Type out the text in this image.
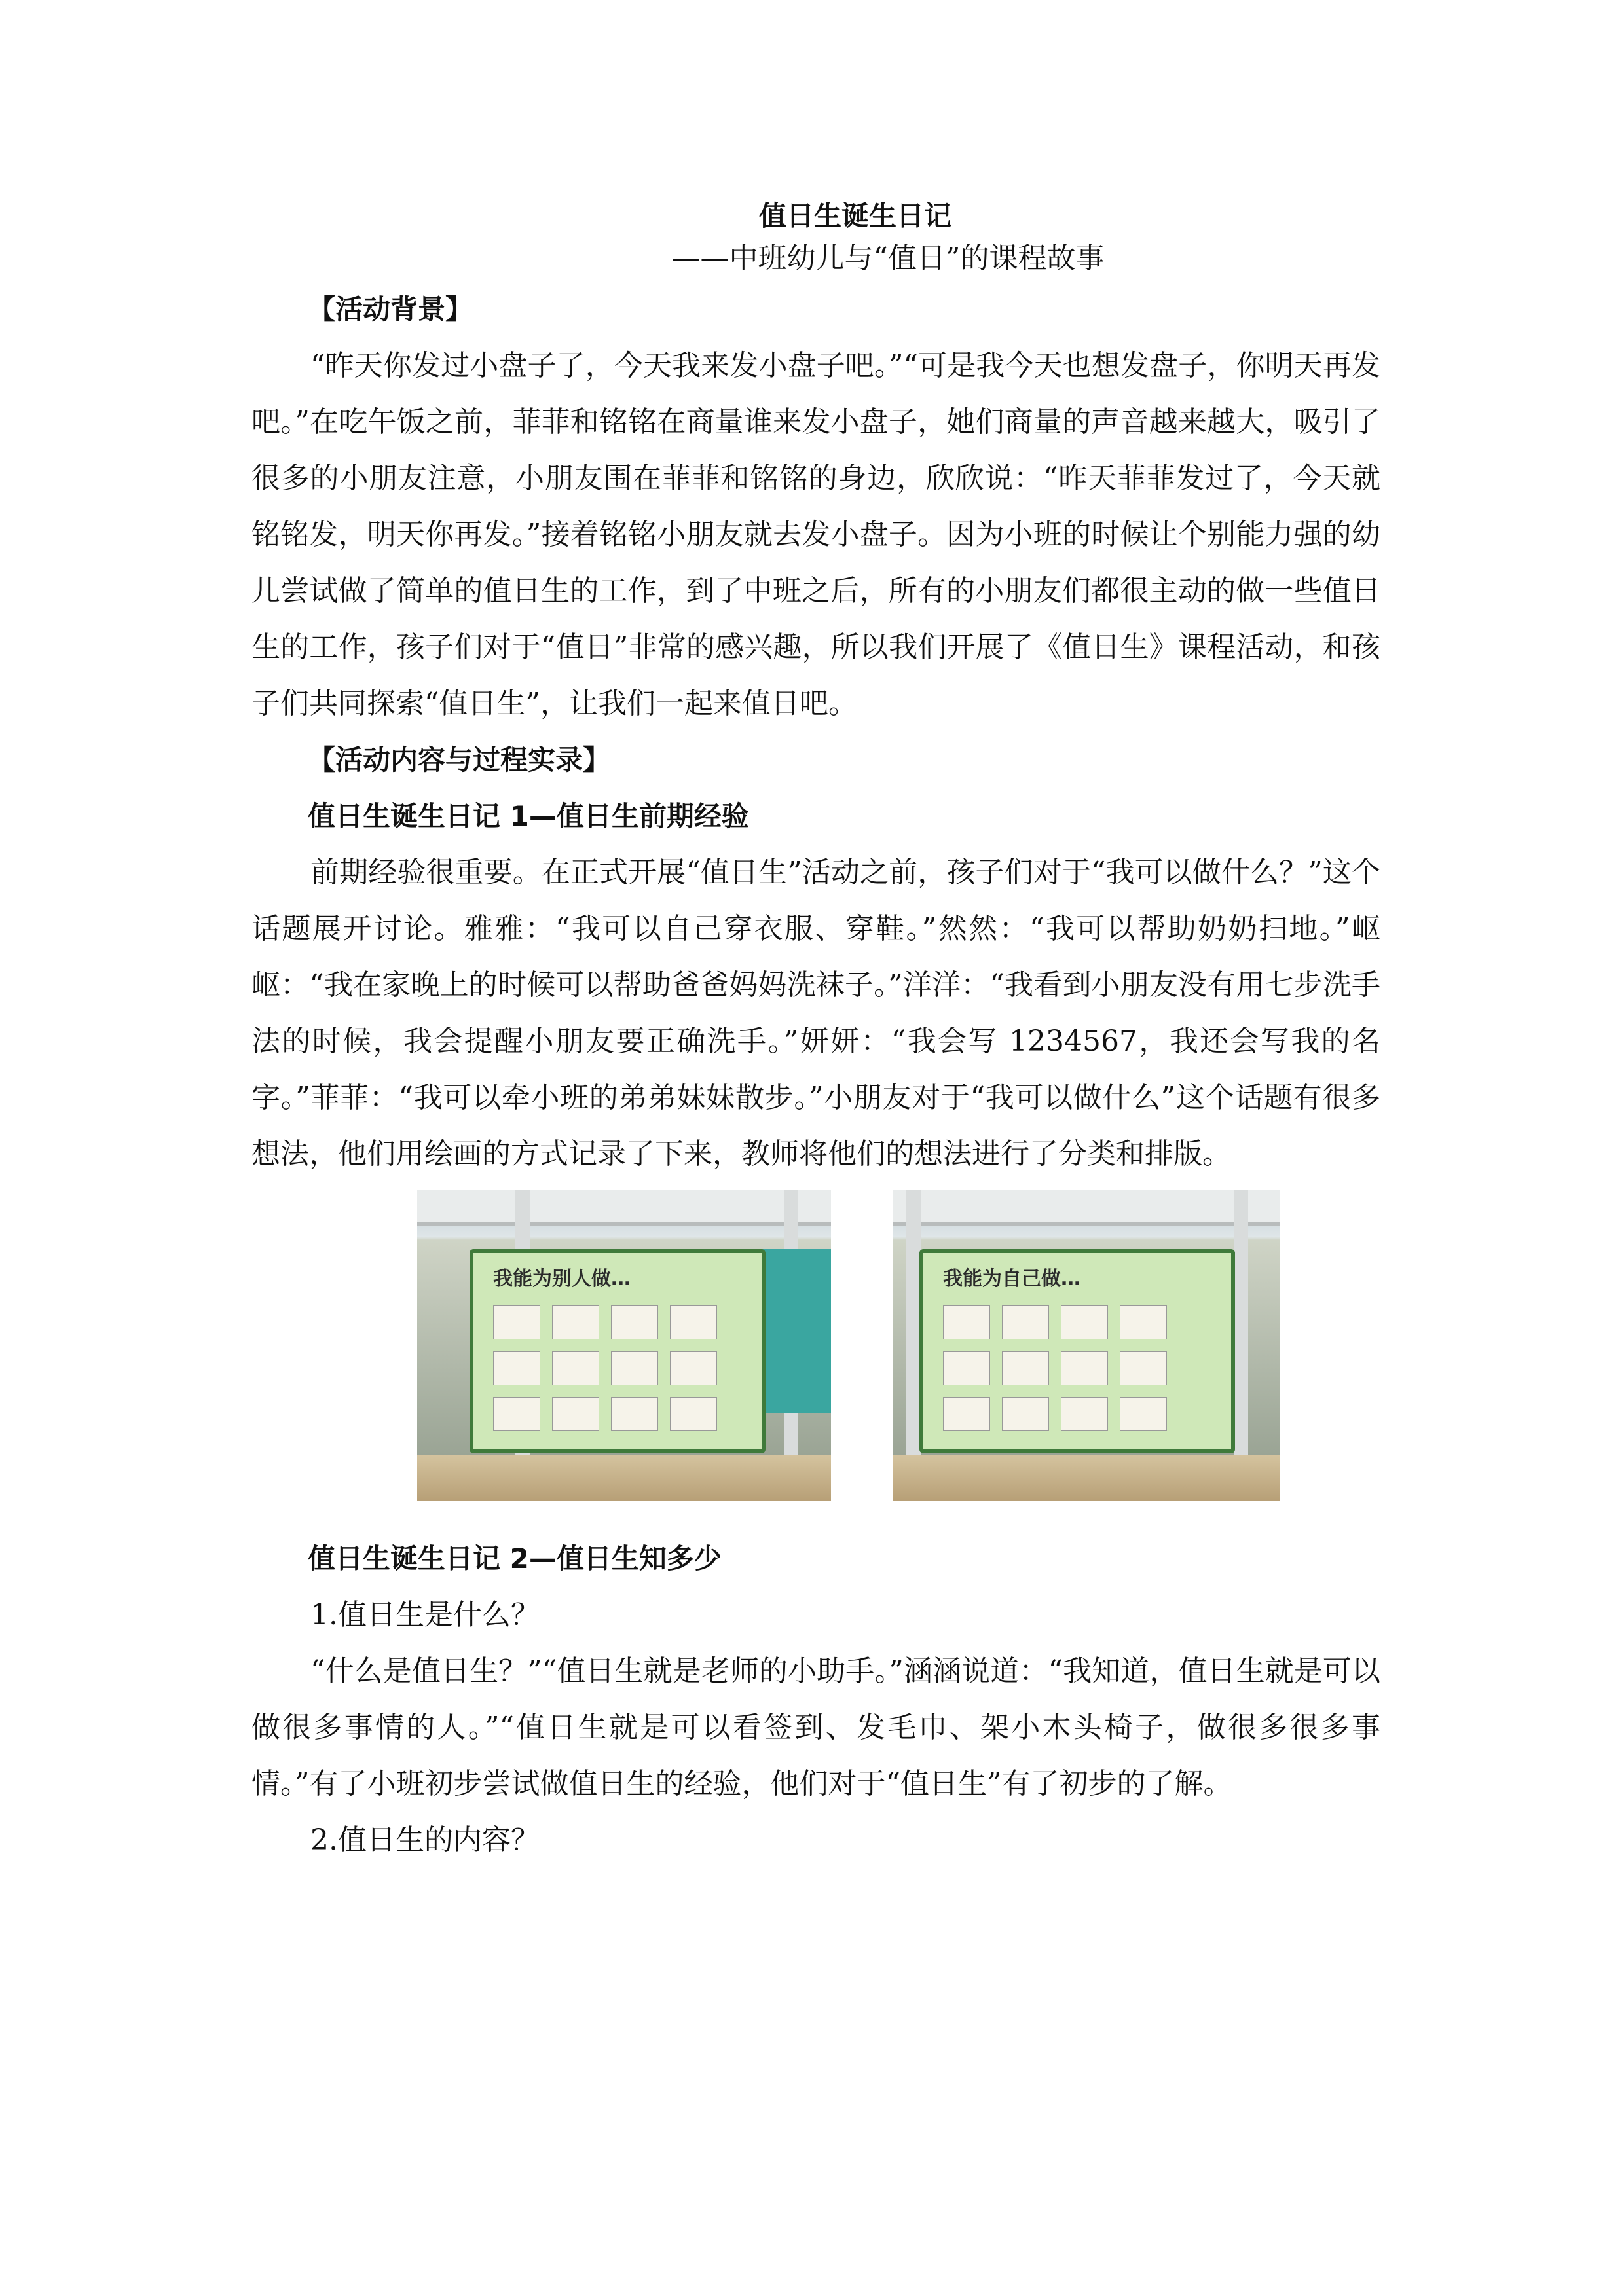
值日生诞生日记
——中班幼儿与“值日”的课程故事

【活动背景】

“昨天你发过小盘子了，今天我来发小盘子吧。”“可是我今天也想发盘子，你明天再发吧。”在吃午饭之前，菲菲和铭铭在商量谁来发小盘子，她们商量的声音越来越大，吸引了很多的小朋友注意，小朋友围在菲菲和铭铭的身边，欣欣说：“昨天菲菲发过了，今天就铭铭发，明天你再发。”接着铭铭小朋友就去发小盘子。因为小班的时候让个别能力强的幼儿尝试做了简单的值日生的工作，到了中班之后，所有的小朋友们都很主动的做一些值日生的工作，孩子们对于“值日”非常的感兴趣，所以我们开展了《值日生》课程活动，和孩子们共同探索“值日生”，让我们一起来值日吧。

【活动内容与过程实录】

值日生诞生日记 1—值日生前期经验

前期经验很重要。在正式开展“值日生”活动之前，孩子们对于“我可以做什么？”这个话题展开讨论。雅雅：“我可以自己穿衣服、穿鞋。”然然：“我可以帮助奶奶扫地。”岖岖：“我在家晚上的时候可以帮助爸爸妈妈洗袜子。”洋洋：“我看到小朋友没有用七步洗手法的时候，我会提醒小朋友要正确洗手。”妍妍：“我会写 1234567，我还会写我的名字。”菲菲：“我可以牵小班的弟弟妹妹散步。”小朋友对于“我可以做什么”这个话题有很多想法，他们用绘画的方式记录了下来，教师将他们的想法进行了分类和排版。

我能为别人做…	我能为自己做…

值日生诞生日记 2—值日生知多少

1.值日生是什么？

“什么是值日生？”“值日生就是老师的小助手。”涵涵说道：“我知道，值日生就是可以做很多事情的人。”“值日生就是可以看签到、发毛巾、架小木头椅子，做很多很多事情。”有了小班初步尝试做值日生的经验，他们对于“值日生”有了初步的了解。

2.值日生的内容？
